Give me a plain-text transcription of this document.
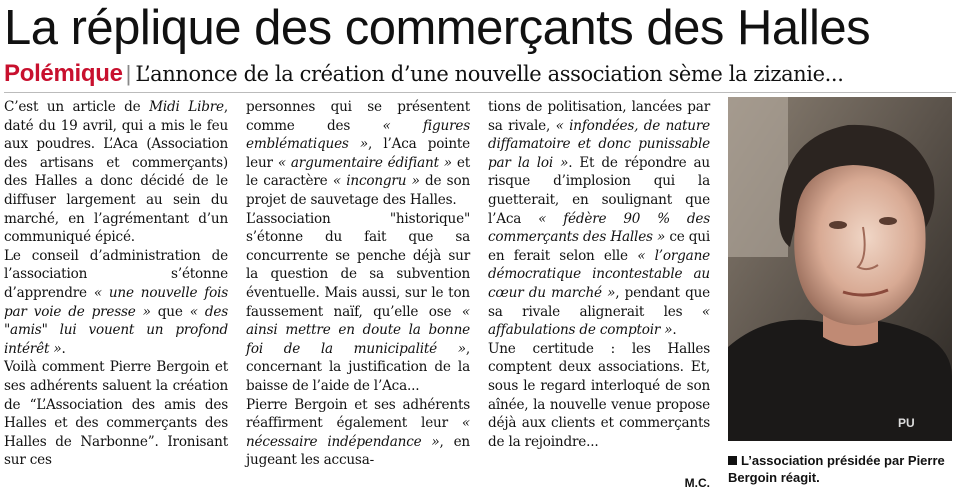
La réplique des commerçants des Halles
Polémique | L’annonce de la création d’une nouvelle association sème la zizanie...

C’est un article de Midi Libre, daté du 19 avril, qui a mis le feu aux poudres. L’Aca (Association des artisans et commerçants) des Halles a donc décidé de le diffuser largement au sein du marché, en l’agrémentant d’un communiqué épicé.

Le conseil d’administration de l’association s’étonne d’apprendre « une nouvelle fois par voie de presse » que « des "amis" lui vouent un profond intérêt ».

Voilà comment Pierre Bergoin et ses adhérents saluent la création de “L’Association des amis des Halles et des commerçants des Halles de Narbonne”. Ironisant sur ces

personnes qui se présentent comme des « figures emblématiques », l’Aca pointe leur « argumentaire édifiant » et le caractère « incongru » de son projet de sauvetage des Halles.

L’association "historique" s’étonne du fait que sa concurrente se penche déjà sur la question de sa subvention éventuelle. Mais aussi, sur le ton faussement naïf, qu’elle ose « ainsi mettre en doute la bonne foi de la municipalité », concernant la justification de la baisse de l’aide de l’Aca...

Pierre Bergoin et ses adhérents réaffirment également leur « nécessaire indépendance », en jugeant les accusa-

tions de politisation, lancées par sa rivale, « infondées, de nature diffamatoire et donc punissable par la loi ». Et de répondre au risque d’implosion qui la guetterait, en soulignant que l’Aca « fédère 90 % des commerçants des Halles » ce qui en ferait selon elle « l’organe démocratique incontestable au cœur du marché », pendant que sa rivale alignerait les « affabulations de comptoir ».

Une certitude : les Halles comptent deux associations. Et, sous le regard interloqué de son aînée, la nouvelle venue propose déjà aux clients et commerçants de la rejoindre...

M.C.
PU
L’association présidée par Pierre Bergoin réagit.
